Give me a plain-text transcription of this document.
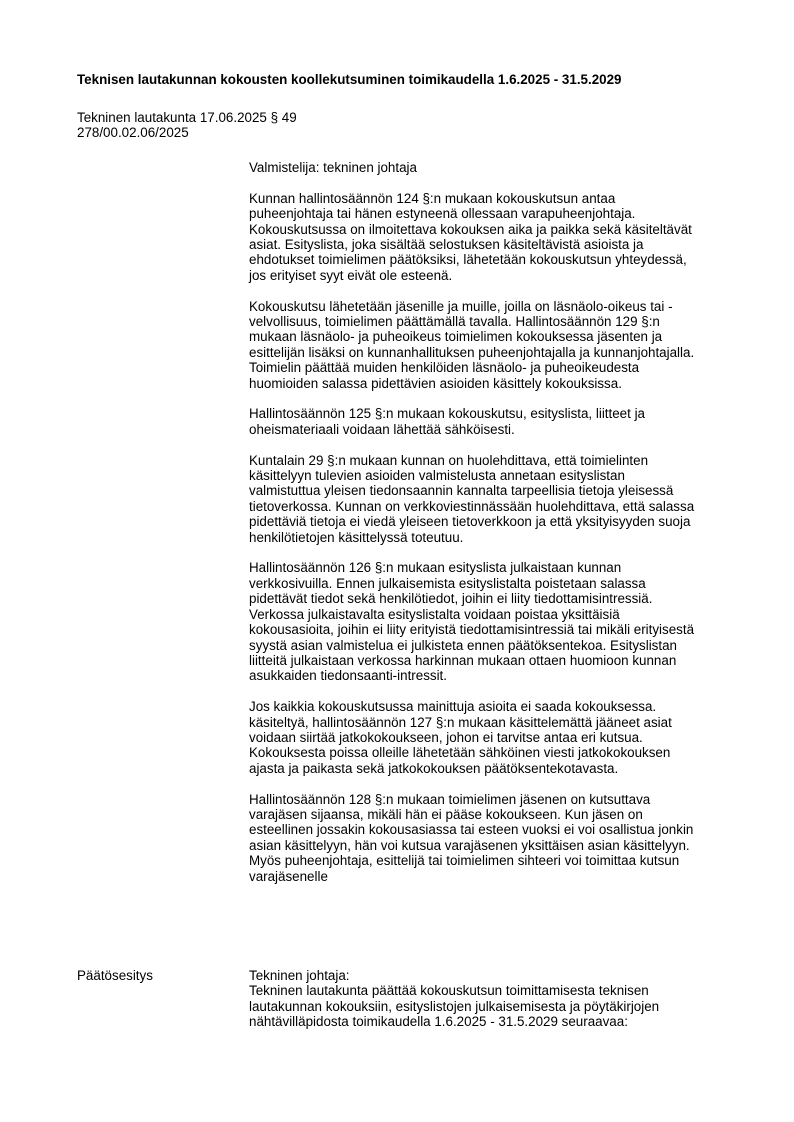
Teknisen lautakunnan kokousten koollekutsuminen toimikaudella 1.6.2025 - 31.5.2029
Tekninen lautakunta 17.06.2025 § 49
278/00.02.06/2025

Valmistelija: tekninen johtaja

Kunnan hallintosäännön 124 §:n mukaan kokouskutsun antaa
puheenjohtaja tai hänen estyneenä ollessaan varapuheenjohtaja.
Kokouskutsussa on ilmoitettava kokouksen aika ja paikka sekä käsiteltävät
asiat. Esityslista, joka sisältää selostuksen käsiteltävistä asioista ja
ehdotukset toimielimen päätöksiksi, lähetetään kokouskutsun yhteydessä,
jos erityiset syyt eivät ole esteenä.

Kokouskutsu lähetetään jäsenille ja muille, joilla on läsnäolo-oikeus tai -
velvollisuus, toimielimen päättämällä tavalla. Hallintosäännön 129 §:n
mukaan läsnäolo- ja puheoikeus toimielimen kokouksessa jäsenten ja
esittelijän lisäksi on kunnanhallituksen puheenjohtajalla ja kunnanjohtajalla.
Toimielin päättää muiden henkilöiden läsnäolo- ja puheoikeudesta
huomioiden salassa pidettävien asioiden käsittely kokouksissa.

Hallintosäännön 125 §:n mukaan kokouskutsu, esityslista, liitteet ja
oheismateriaali voidaan lähettää sähköisesti.

Kuntalain 29 §:n mukaan kunnan on huolehdittava, että toimielinten
käsittelyyn tulevien asioiden valmistelusta annetaan esityslistan
valmistuttua yleisen tiedonsaannin kannalta tarpeellisia tietoja yleisessä
tietoverkossa. Kunnan on verkkoviestinnässään huolehdittava, että salassa
pidettäviä tietoja ei viedä yleiseen tietoverkkoon ja että yksityisyyden suoja
henkilötietojen käsittelyssä toteutuu.

Hallintosäännön 126 §:n mukaan esityslista julkaistaan kunnan
verkkosivuilla. Ennen julkaisemista esityslistalta poistetaan salassa
pidettävät tiedot sekä henkilötiedot, joihin ei liity tiedottamisintressiä.
Verkossa julkaistavalta esityslistalta voidaan poistaa yksittäisiä
kokousasioita, joihin ei liity erityistä tiedottamisintressiä tai mikäli erityisestä
syystä asian valmistelua ei julkisteta ennen päätöksentekoa. Esityslistan
liitteitä julkaistaan verkossa harkinnan mukaan ottaen huomioon kunnan
asukkaiden tiedonsaanti-intressit.

Jos kaikkia kokouskutsussa mainittuja asioita ei saada kokouksessa.
käsiteltyä, hallintosäännön 127 §:n mukaan käsittelemättä jääneet asiat
voidaan siirtää jatkokokoukseen, johon ei tarvitse antaa eri kutsua.
Kokouksesta poissa olleille lähetetään sähköinen viesti jatkokokouksen
ajasta ja paikasta sekä jatkokokouksen päätöksentekotavasta.

Hallintosäännön 128 §:n mukaan toimielimen jäsenen on kutsuttava
varajäsen sijaansa, mikäli hän ei pääse kokoukseen. Kun jäsen on
esteellinen jossakin kokousasiassa tai esteen vuoksi ei voi osallistua jonkin
asian käsittelyyn, hän voi kutsua varajäsenen yksittäisen asian käsittelyyn.
Myös puheenjohtaja, esittelijä tai toimielimen sihteeri voi toimittaa kutsun
varajäsenelle

Päätösesitys	Tekninen johtaja:
Tekninen lautakunta päättää kokouskutsun toimittamisesta teknisen
lautakunnan kokouksiin, esityslistojen julkaisemisesta ja pöytäkirjojen
nähtävilläpidosta toimikaudella 1.6.2025 - 31.5.2029 seuraavaa:
